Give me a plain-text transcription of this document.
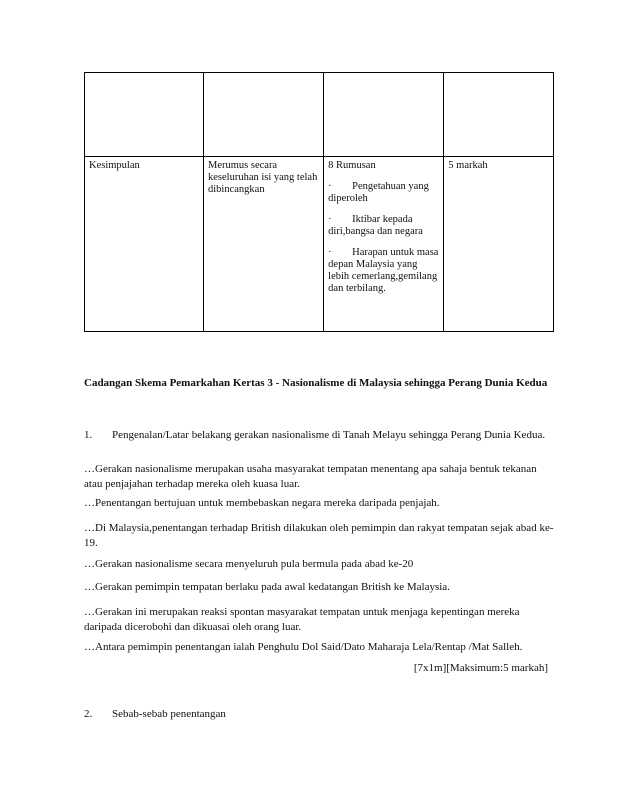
Kesimpulan	Merumus secara keseluruhan isi yang telah dibincangkan	8 Rumusan

· Pengetahuan yang diperoleh

· Iktibar kepada diri,bangsa dan negara

· Harapan untuk masa depan Malaysia yang lebih cemerlang,gemilang dan terbilang.	5 markah
Cadangan Skema Pemarkahan Kertas 3 - Nasionalisme di Malaysia sehingga Perang Dunia Kedua
1. Pengenalan/Latar belakang gerakan nasionalisme di Tanah Melayu sehingga Perang Dunia Kedua.
…Gerakan nasionalisme merupakan usaha masyarakat tempatan menentang apa sahaja bentuk tekanan atau penjajahan terhadap mereka oleh kuasa luar.
…Penentangan bertujuan untuk membebaskan negara mereka daripada penjajah.
…Di Malaysia,penentangan terhadap British dilakukan oleh pemimpin dan rakyat tempatan sejak abad ke-19.
…Gerakan nasionalisme secara menyeluruh pula bermula pada abad ke-20
…Gerakan pemimpin tempatan berlaku pada awal kedatangan British ke Malaysia.
…Gerakan ini merupakan reaksi spontan masyarakat tempatan untuk menjaga kepentingan mereka daripada dicerobohi dan dikuasai oleh orang luar.
…Antara pemimpin penentangan ialah Penghulu Dol Said/Dato Maharaja Lela/Rentap /Mat Salleh.
[7x1m][Maksimum:5 markah]
2. Sebab-sebab penentangan
